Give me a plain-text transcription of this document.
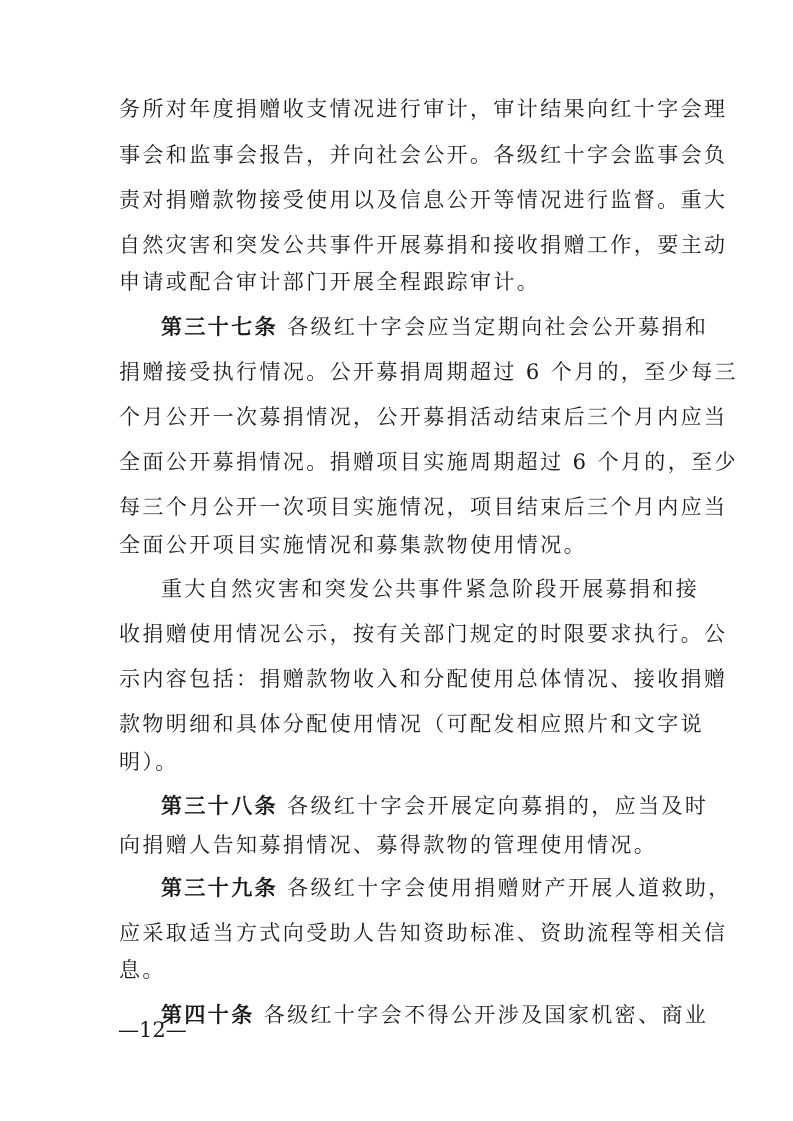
务所对年度捐赠收支情况进行审计，审计结果向红十字会理
事会和监事会报告，并向社会公开。各级红十字会监事会负
责对捐赠款物接受使用以及信息公开等情况进行监督。重大
自然灾害和突发公共事件开展募捐和接收捐赠工作，要主动
申请或配合审计部门开展全程跟踪审计。
第三十七条 各级红十字会应当定期向社会公开募捐和
捐赠接受执行情况。公开募捐周期超过 6 个月的，至少每三
个月公开一次募捐情况，公开募捐活动结束后三个月内应当
全面公开募捐情况。捐赠项目实施周期超过 6 个月的，至少
每三个月公开一次项目实施情况，项目结束后三个月内应当
全面公开项目实施情况和募集款物使用情况。
重大自然灾害和突发公共事件紧急阶段开展募捐和接
收捐赠使用情况公示，按有关部门规定的时限要求执行。公
示内容包括：捐赠款物收入和分配使用总体情况、接收捐赠
款物明细和具体分配使用情况（可配发相应照片和文字说
明）。
第三十八条 各级红十字会开展定向募捐的，应当及时
向捐赠人告知募捐情况、募得款物的管理使用情况。
第三十九条 各级红十字会使用捐赠财产开展人道救助，
应采取适当方式向受助人告知资助标准、资助流程等相关信
息。
第四十条 各级红十字会不得公开涉及国家机密、商业
—12—
